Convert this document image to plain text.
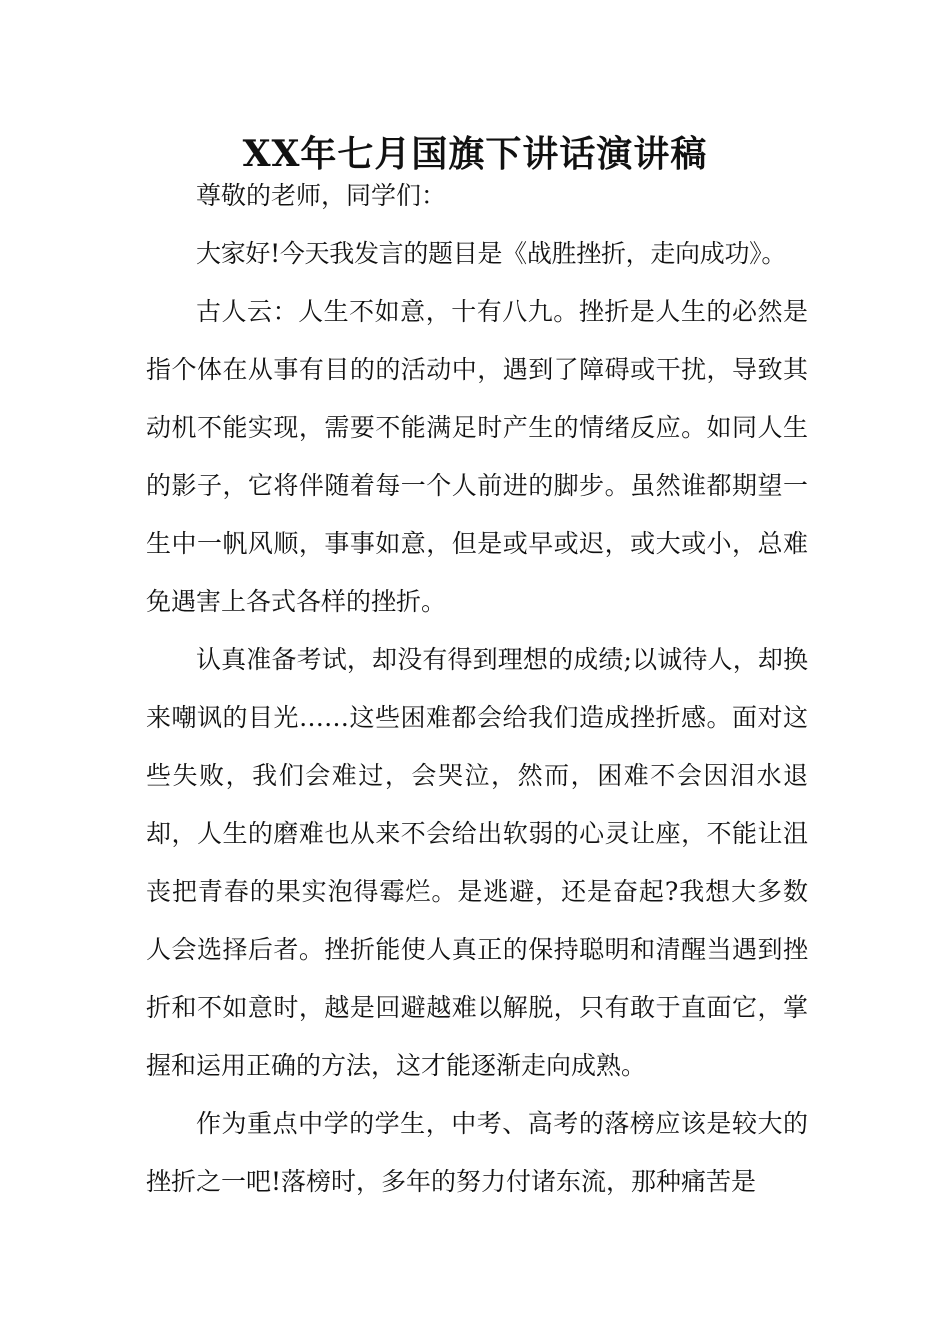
XX年七月国旗下讲话演讲稿

尊敬的老师，同学们：

大家好!今天我发言的题目是《战胜挫折，走向成功》。

古人云：人生不如意，十有八九。挫折是人生的必然是指个体在从事有目的的活动中，遇到了障碍或干扰，导致其动机不能实现，需要不能满足时产生的情绪反应。如同人生的影子，它将伴随着每一个人前进的脚步。虽然谁都期望一生中一帆风顺，事事如意，但是或早或迟，或大或小，总难免遇害上各式各样的挫折。

认真准备考试，却没有得到理想的成绩;以诚待人，却换来嘲讽的目光……这些困难都会给我们造成挫折感。面对这些失败，我们会难过，会哭泣，然而，困难不会因泪水退却，人生的磨难也从来不会给出软弱的心灵让座，不能让沮丧把青春的果实泡得霉烂。是逃避，还是奋起?我想大多数人会选择后者。挫折能使人真正的保持聪明和清醒当遇到挫折和不如意时，越是回避越难以解脱，只有敢于直面它，掌握和运用正确的方法，这才能逐渐走向成熟。

作为重点中学的学生，中考、高考的落榜应该是较大的挫折之一吧!落榜时，多年的努力付诸东流，那种痛苦是
